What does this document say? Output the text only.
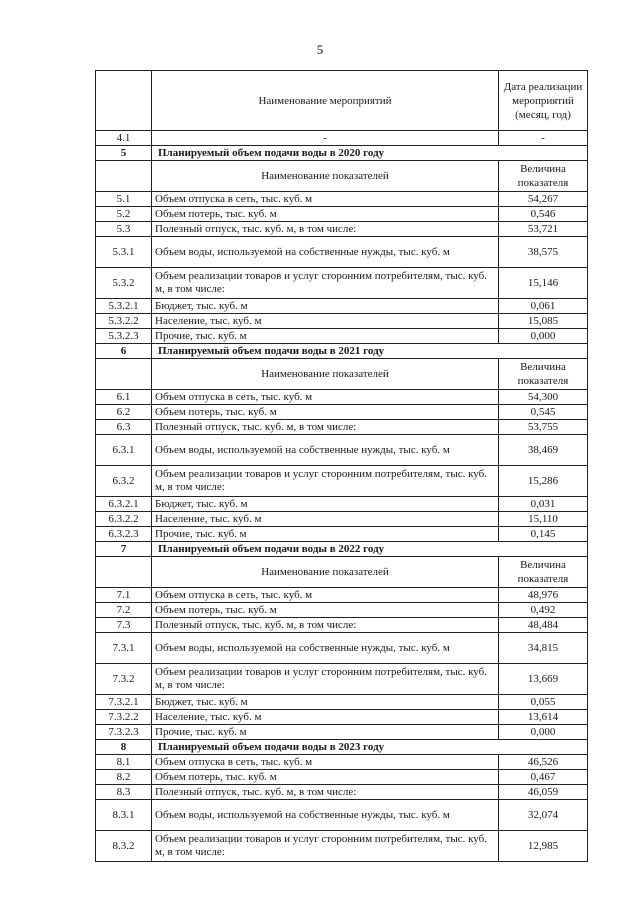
5
	Наименование мероприятий	Дата реализации мероприятий (месяц, год)
4.1	-	-
5	Планируемый объем подачи воды в 2020 году	
	Наименование показателей	Величина показателя
5.1	Объем отпуска в сеть, тыс. куб. м	54,267
5.2	Объем потерь, тыс. куб. м	0,546
5.3	Полезный отпуск, тыс. куб. м, в том числе:	53,721
5.3.1	Объем воды, используемой на собственные нужды, тыс. куб. м	38,575
5.3.2	Объем реализации товаров и услуг сторонним потребителям, тыс. куб. м, в том числе:	15,146
5.3.2.1	Бюджет, тыс. куб. м	0,061
5.3.2.2	Население, тыс. куб. м	15,085
5.3.2.3	Прочие, тыс. куб. м	0,000
6	Планируемый объем подачи воды в 2021 году	
	Наименование показателей	Величина показателя
6.1	Объем отпуска в сеть, тыс. куб. м	54,300
6.2	Объем потерь, тыс. куб. м	0,545
6.3	Полезный отпуск, тыс. куб. м, в том числе:	53,755
6.3.1	Объем воды, используемой на собственные нужды, тыс. куб. м	38,469
6.3.2	Объем реализации товаров и услуг сторонним потребителям, тыс. куб. м, в том числе:	15,286
6.3.2.1	Бюджет, тыс. куб. м	0,031
6.3.2.2	Население, тыс. куб. м	15,110
6.3.2.3	Прочие, тыс. куб. м	0,145
7	Планируемый объем подачи воды в 2022 году	
	Наименование показателей	Величина показателя
7.1	Объем отпуска в сеть, тыс. куб. м	48,976
7.2	Объем потерь, тыс. куб. м	0,492
7.3	Полезный отпуск, тыс. куб. м, в том числе:	48,484
7.3.1	Объем воды, используемой на собственные нужды, тыс. куб. м	34,815
7.3.2	Объем реализации товаров и услуг сторонним потребителям, тыс. куб. м, в том числе:	13,669
7.3.2.1	Бюджет, тыс. куб. м	0,055
7.3.2.2	Население, тыс. куб. м	13,614
7.3.2.3	Прочие, тыс. куб. м	0,000
8	Планируемый объем подачи воды в 2023 году	
8.1	Объем отпуска в сеть, тыс. куб. м	46,526
8.2	Объем потерь, тыс. куб. м	0,467
8.3	Полезный отпуск, тыс. куб. м, в том числе:	46,059
8.3.1	Объем воды, используемой на собственные нужды, тыс. куб. м	32,074
8.3.2	Объем реализации товаров и услуг сторонним потребителям, тыс. куб. м, в том числе:	12,985
